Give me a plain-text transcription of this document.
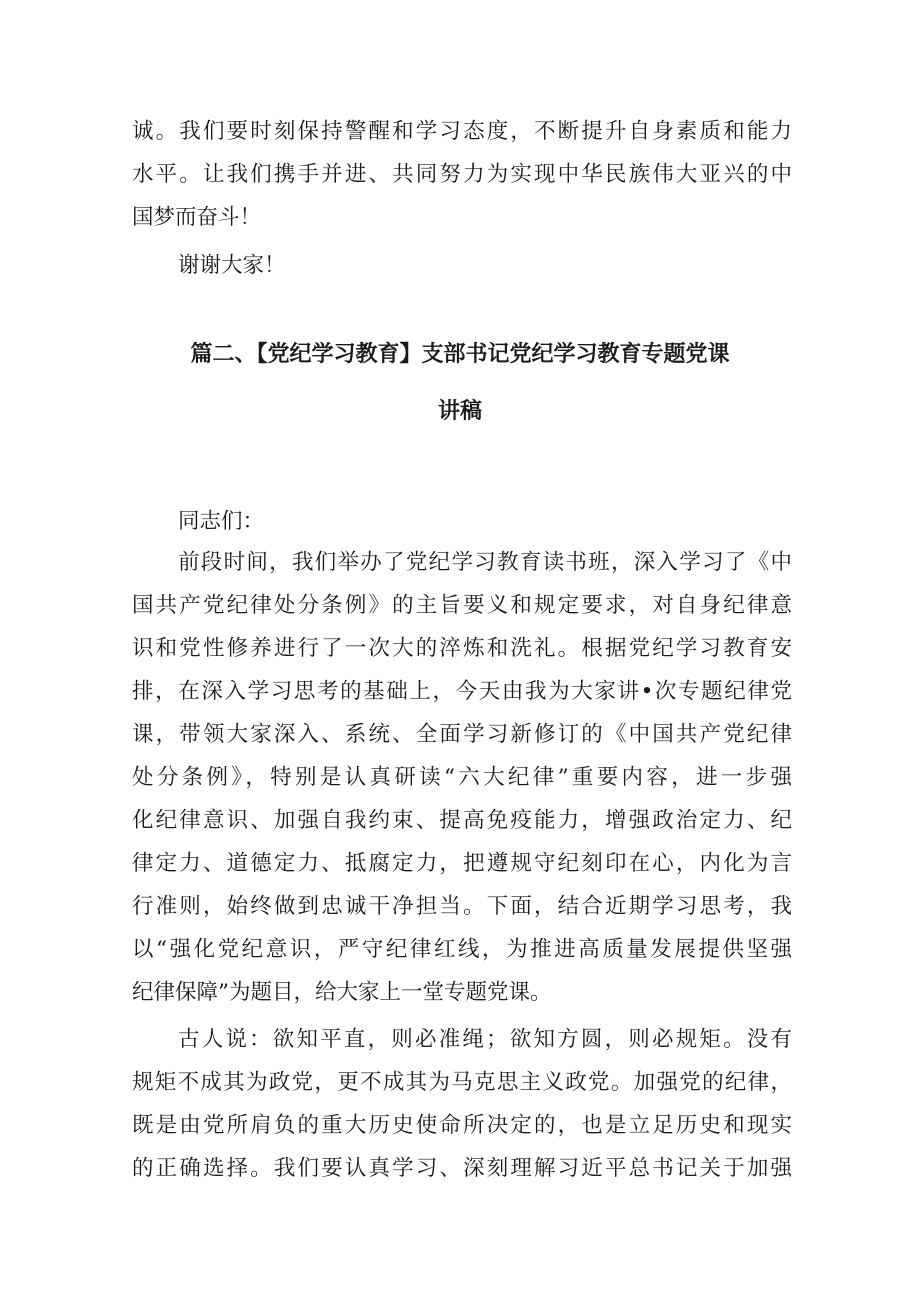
诚。我们要时刻保持警醒和学习态度，不断提升自身素质和能力
水平。让我们携手并进、共同努力为实现中华民族伟大亚兴的中
国梦而奋斗！
谢谢大家！
篇二、【党纪学习教育】支部书记党纪学习教育专题党课
讲稿
同志们：
前段时间，我们举办了党纪学习教育读书班，深入学习了《中
国共产党纪律处分条例》的主旨要义和规定要求，对自身纪律意
识和党性修养进行了一次大的淬炼和洗礼。根据党纪学习教育安
排，在深入学习思考的基础上，今天由我为大家讲•次专题纪律党
课，带领大家深入、系统、全面学习新修订的《中国共产党纪律
处分条例》，特别是认真研读“六大纪律”重要内容，进一步强
化纪律意识、加强自我约束、提高免疫能力，增强政治定力、纪
律定力、道德定力、抵腐定力，把遵规守纪刻印在心，内化为言
行准则，始终做到忠诚干净担当。下面，结合近期学习思考，我
以“强化党纪意识，严守纪律红线，为推进高质量发展提供坚强
纪律保障”为题目，给大家上一堂专题党课。
古人说：欲知平直，则必准绳；欲知方圆，则必规矩。没有
规矩不成其为政党，更不成其为马克思主义政党。加强党的纪律，
既是由党所肩负的重大历史使命所决定的，也是立足历史和现实
的正确选择。我们要认真学习、深刻理解习近平总书记关于加强
